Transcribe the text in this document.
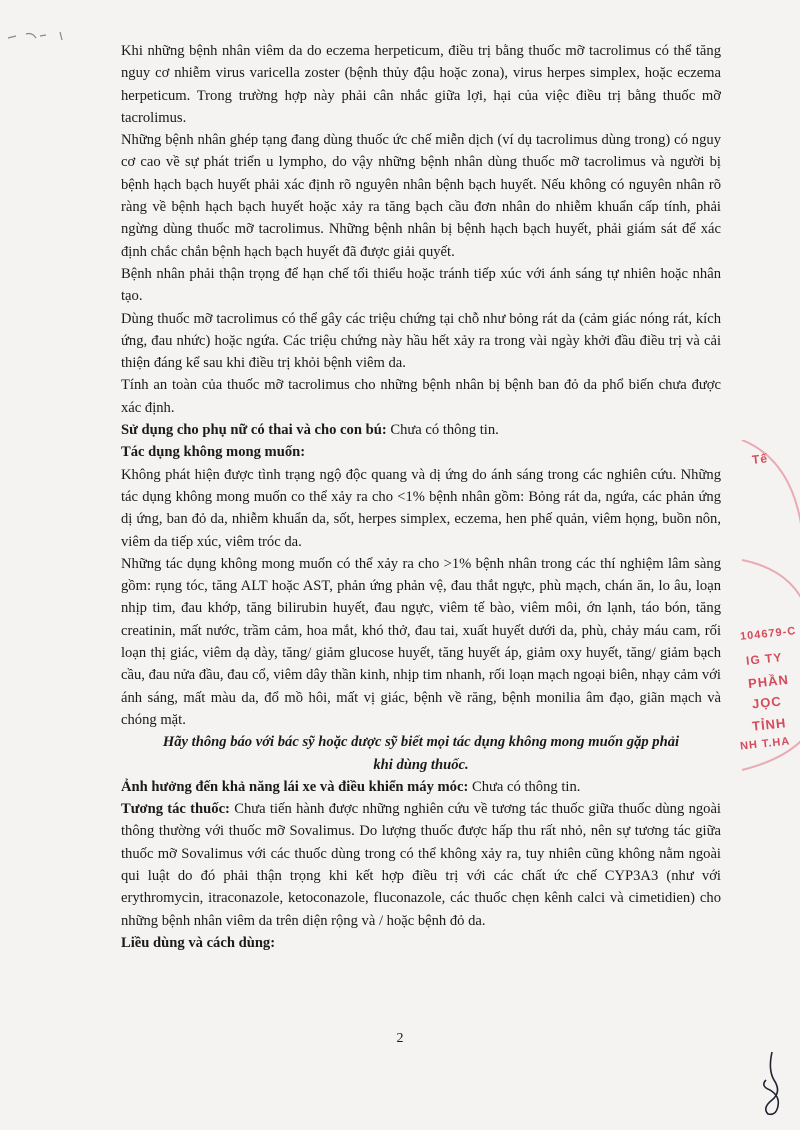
Khi những bệnh nhân viêm da do eczema herpeticum, điều trị bằng thuốc mỡ tacrolimus có thể tăng nguy cơ nhiễm virus varicella zoster (bệnh thủy đậu hoặc zona), virus herpes simplex, hoặc eczema herpeticum. Trong trường hợp này phải cân nhắc giữa lợi, hại của việc điều trị bằng thuốc mỡ tacrolimus.

Những bệnh nhân ghép tạng đang dùng thuốc ức chế miễn dịch (ví dụ tacrolimus dùng trong) có nguy cơ cao về sự phát triển u lympho, do vậy những bệnh nhân dùng thuốc mỡ tacrolimus và người bị bệnh hạch bạch huyết phải xác định rõ nguyên nhân bệnh bạch huyết. Nếu không có nguyên nhân rõ ràng về bệnh hạch bạch huyết hoặc xảy ra tăng bạch cầu đơn nhân do nhiễm khuẩn cấp tính, phải ngừng dùng thuốc mỡ tacrolimus. Những bệnh nhân bị bệnh hạch bạch huyết, phải giám sát để xác định chắc chắn bệnh hạch bạch huyết đã được giải quyết.

Bệnh nhân phải thận trọng để hạn chế tối thiểu hoặc tránh tiếp xúc với ánh sáng tự nhiên hoặc nhân tạo.

Dùng thuốc mỡ tacrolimus có thể gây các triệu chứng tại chỗ như bỏng rát da (cảm giác nóng rát, kích ứng, đau nhức) hoặc ngứa. Các triệu chứng này hầu hết xảy ra trong vài ngày khởi đầu điều trị và cải thiện đáng kể sau khi điều trị khỏi bệnh viêm da.

Tính an toàn của thuốc mỡ tacrolimus cho những bệnh nhân bị bệnh ban đỏ da phổ biến chưa được xác định.

Sử dụng cho phụ nữ có thai và cho con bú: Chưa có thông tin.

Tác dụng không mong muốn:

Không phát hiện được tình trạng ngộ độc quang và dị ứng do ánh sáng trong các nghiên cứu. Những tác dụng không mong muốn co thể xảy ra cho <1% bệnh nhân gồm: Bỏng rát da, ngứa, các phản ứng dị ứng, ban đỏ da, nhiễm khuẩn da, sốt, herpes simplex, eczema, hen phế quản, viêm họng, buồn nôn, viêm da tiếp xúc, viêm tróc da.

Những tác dụng không mong muốn có thể xảy ra cho >1% bệnh nhân trong các thí nghiệm lâm sàng gồm: rụng tóc, tăng ALT hoặc AST, phản ứng phản vệ, đau thắt ngực, phù mạch, chán ăn, lo âu, loạn nhịp tim, đau khớp, tăng bilirubin huyết, đau ngực, viêm tế bào, viêm môi, ớn lạnh, táo bón, tăng creatinin, mất nước, trầm cảm, hoa mắt, khó thở, đau tai, xuất huyết dưới da, phù, chảy máu cam, rối loạn thị giác, viêm dạ dày, tăng/ giảm glucose huyết, tăng huyết áp, giảm oxy huyết, tăng/ giảm bạch cầu, đau nửa đầu, đau cổ, viêm dây thần kinh, nhịp tim nhanh, rối loạn mạch ngoại biên, nhạy cảm với ánh sáng, mất màu da, đổ mồ hôi, mất vị giác, bệnh về răng, bệnh monilia âm đạo, giãn mạch và chóng mặt.

Hãy thông báo với bác sỹ hoặc dược sỹ biết mọi tác dụng không mong muốn gặp phải khi dùng thuốc.

Ảnh hưởng đến khả năng lái xe và điều khiển máy móc: Chưa có thông tin.

Tương tác thuốc: Chưa tiến hành được những nghiên cứu về tương tác thuốc giữa thuốc dùng ngoài thông thường với thuốc mỡ Sovalimus. Do lượng thuốc được hấp thu rất nhỏ, nên sự tương tác giữa thuốc mỡ Sovalimus với các thuốc dùng trong có thể không xảy ra, tuy nhiên cũng không nằm ngoài qui luật do đó phải thận trọng khi kết hợp điều trị với các chất ức chế CYP3A3 (như với erythromycin, itraconazole, ketoconazole, fluconazole, các thuốc chẹn kênh calci và cimetidien) cho những bệnh nhân viêm da trên diện rộng và / hoặc bệnh đỏ da.

Liều dùng và cách dùng:

2
Tế
104679-C
IG TY
PHẦN
JỌC
TỈNH
NH T.HA
